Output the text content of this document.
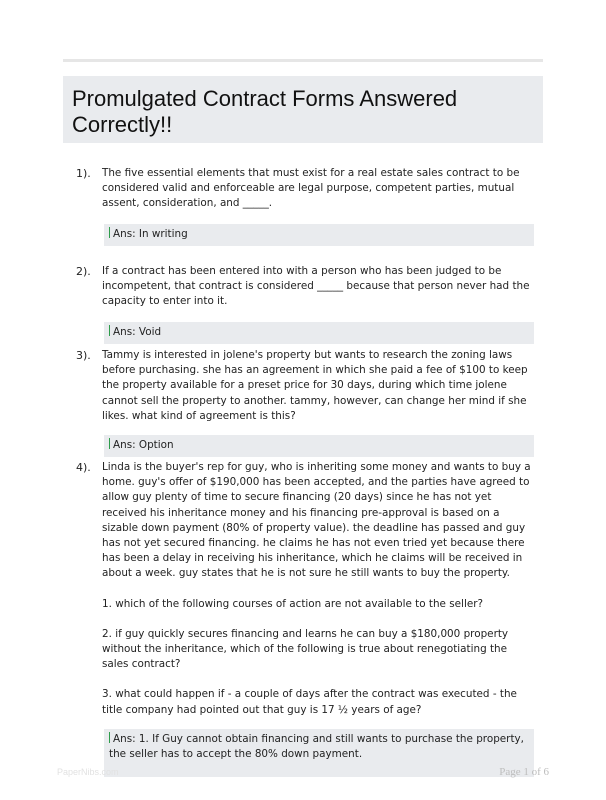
Promulgated Contract Forms Answered Correctly!!
1). The five essential elements that must exist for a real estate sales contract to be considered valid and enforceable are legal purpose, competent parties, mutual assent, consideration, and _____.

Ans: In writing
2). If a contract has been entered into with a person who has been judged to be incompetent, that contract is considered _____ because that person never had the capacity to enter into it.

Ans: Void
3). Tammy is interested in jolene's property but wants to research the zoning laws before purchasing. she has an agreement in which she paid a fee of $100 to keep the property available for a preset price for 30 days, during which time jolene cannot sell the property to another. tammy, however, can change her mind if she likes. what kind of agreement is this?

Ans: Option
4). Linda is the buyer's rep for guy, who is inheriting some money and wants to buy a home. guy's offer of $190,000 has been accepted, and the parties have agreed to allow guy plenty of time to secure financing (20 days) since he has not yet received his inheritance money and his financing pre-approval is based on a sizable down payment (80% of property value). the deadline has passed and guy has not yet secured financing. he claims he has not even tried yet because there has been a delay in receiving his inheritance, which he claims will be received in about a week. guy states that he is not sure he still wants to buy the property.

1. which of the following courses of action are not available to the seller?

2. if guy quickly secures financing and learns he can buy a $180,000 property without the inheritance, which of the following is true about renegotiating the sales contract?

3. what could happen if - a couple of days after the contract was executed - the title company had pointed out that guy is 17 ½ years of age?

Ans: 1. If Guy cannot obtain financing and still wants to purchase the property, the seller has to accept the 80% down payment.
PaperNibs.com	Page 1 of 6
